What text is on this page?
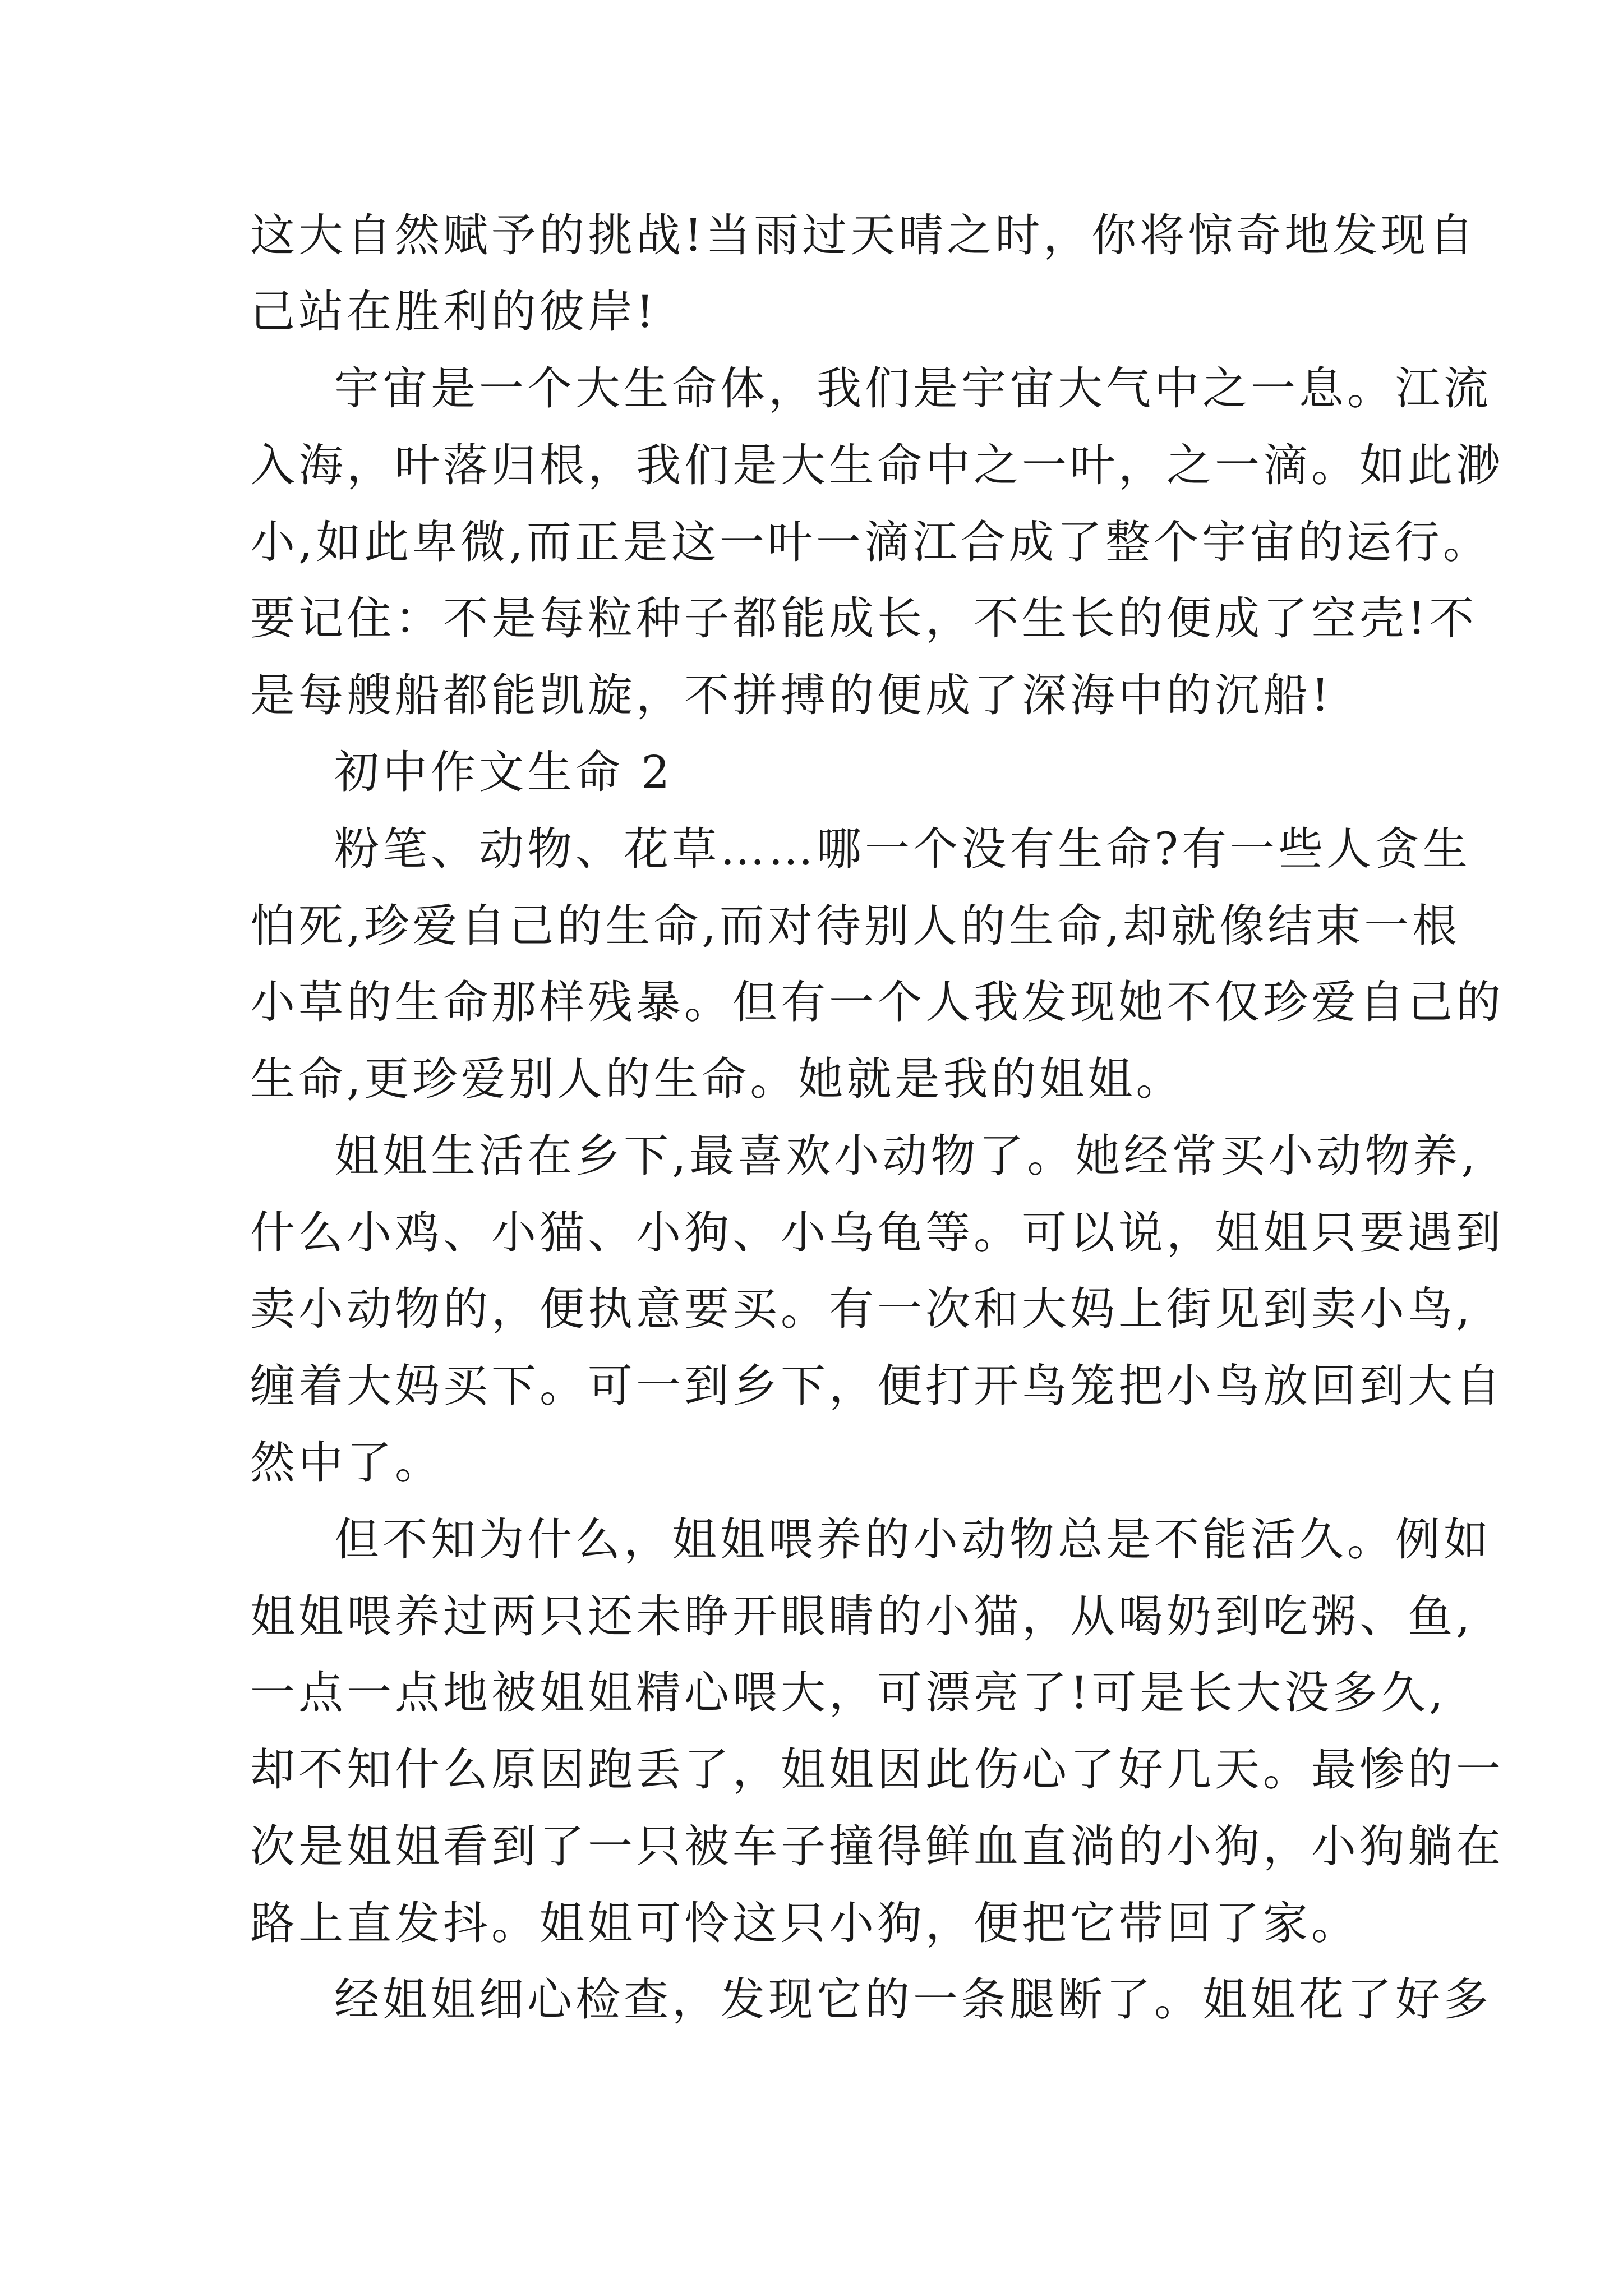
这大自然赋予的挑战!当雨过天晴之时，你将惊奇地发现自
己站在胜利的彼岸!
宇宙是一个大生命体，我们是宇宙大气中之一息。江流
入海，叶落归根，我们是大生命中之一叶，之一滴。如此渺
小,如此卑微,而正是这一叶一滴江合成了整个宇宙的运行。
要记住：不是每粒种子都能成长，不生长的便成了空壳!不
是每艘船都能凯旋，不拼搏的便成了深海中的沉船!
初中作文生命 2
粉笔、动物、花草……哪一个没有生命?有一些人贪生
怕死,珍爱自己的生命,而对待别人的生命,却就像结束一根
小草的生命那样残暴。但有一个人我发现她不仅珍爱自己的
生命,更珍爱别人的生命。她就是我的姐姐。
姐姐生活在乡下,最喜欢小动物了。她经常买小动物养,
什么小鸡、小猫、小狗、小乌龟等。可以说，姐姐只要遇到
卖小动物的，便执意要买。有一次和大妈上街见到卖小鸟,
缠着大妈买下。可一到乡下，便打开鸟笼把小鸟放回到大自
然中了。
但不知为什么，姐姐喂养的小动物总是不能活久。例如
姐姐喂养过两只还未睁开眼睛的小猫，从喝奶到吃粥、鱼,
一点一点地被姐姐精心喂大，可漂亮了!可是长大没多久,
却不知什么原因跑丢了，姐姐因此伤心了好几天。最惨的一
次是姐姐看到了一只被车子撞得鲜血直淌的小狗，小狗躺在
路上直发抖。姐姐可怜这只小狗，便把它带回了家。
经姐姐细心检查，发现它的一条腿断了。姐姐花了好多
